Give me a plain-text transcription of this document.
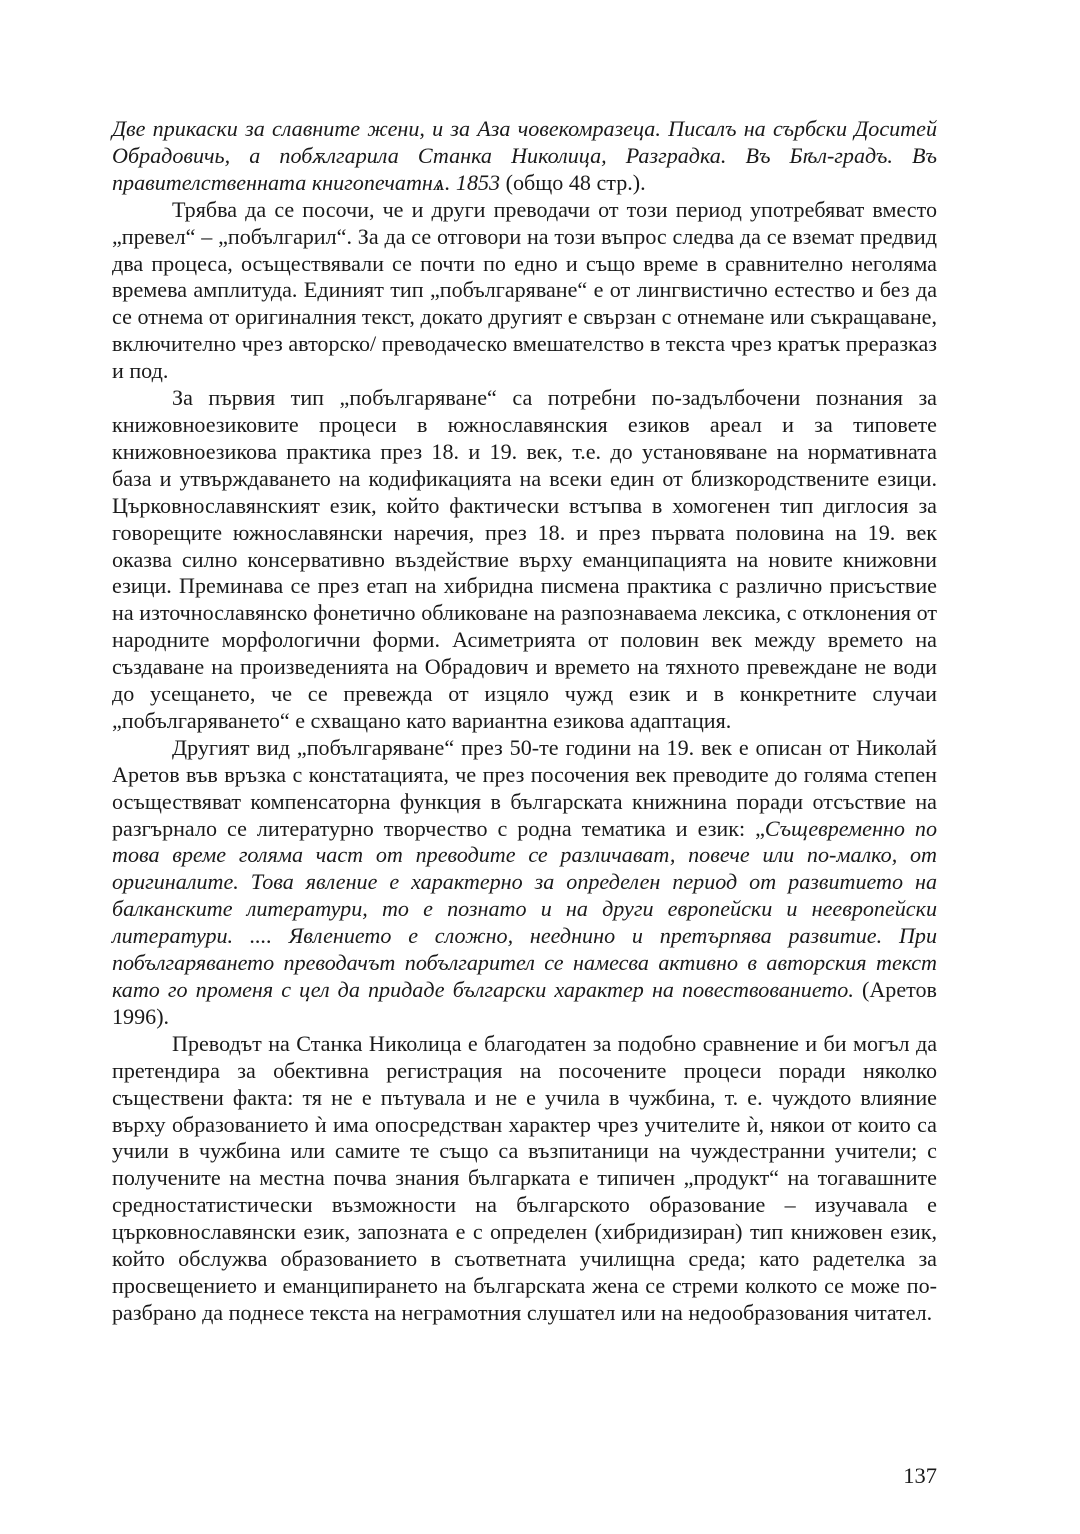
Две прикаски за славните жени, и за Аза човекомразеца. Писалъ на сърбски Доситей Обрадовичь, а побѫлгарила Станка Николица, Разградка. Въ Бѣл-градъ. Въ правителственната книгопечатнѧ. 1853 (общо 48 стр.).

Трябва да се посочи, че и други преводачи от този период употребяват вместо „превел“ – „побългарил“. За да се отговори на този въпрос следва да се вземат предвид два процеса, осъществявали се почти по едно и също време в сравнително неголяма времева амплитуда. Единият тип „побългаряване“ е от лингвистично естество и без да се отнема от оригиналния текст, докато другият е свързан с отнемане или съкращаване, включително чрез авторско/ преводаческо вмешателство в текста чрез кратък преразказ и под.

За първия тип „побългаряване“ са потребни по-задълбочени познания за книжовноезиковите процеси в южнославянския езиков ареал и за типовете книжовноезикова практика през 18. и 19. век, т.е. до установяване на нормативната база и утвърждаването на кодификацията на всеки един от близкородствените езици. Църковнославянският език, който фактически встъпва в хомогенен тип диглосия за говорещите южнославянски наречия, през 18. и през първата половина на 19. век оказва силно консервативно въздействие върху еманципацията на новите книжовни езици. Преминава се през етап на хибридна писмена практика с различно присъствие на източнославянско фонетично обликоване на разпознаваема лексика, с отклонения от народните морфологични форми. Асиметрията от половин век между времето на създаване на произведенията на Обрадович и времето на тяхното превеждане не води до усещането, че се превежда от изцяло чужд език и в конкретните случаи „побългаряването“ е схващано като вариантна езикова адаптация.

Другият вид „побългаряване“ през 50-те години на 19. век е описан от Николай Аретов във връзка с констатацията, че през посочения век преводите до голяма степен осъществяват компенсаторна функция в българската книжнина поради отсъствие на разгърнало се литературно творчество с родна тематика и език: „Същевременно по това време голяма част от преводите се различават, повече или по-малко, от оригиналите. Това явление е характерно за определен период от развитието на балканските литератури, то е познато и на други европейски и неевропейски литератури. .... Явлението е сложно, нееднино и претърпява развитие. При побългаряването преводачът побългарител се намесва активно в авторския текст като го променя с цел да придаде български характер на повествованието. (Аретов 1996).

Преводът на Станка Николица е благодатен за подобно сравнение и би могъл да претендира за обективна регистрация на посочените процеси поради няколко съществени факта: тя не е пътувала и не е учила в чужбина, т. е. чуждото влияние върху образованието ѝ има опосредстван характер чрез учителите ѝ, някои от които са учили в чужбина или самите те също са възпитаници на чуждестранни учители; с получените на местна почва знания българката е типичен „продукт“ на тогавашните средностатистически възможности на българското образование – изучавала е църковнославянски език, запозната е с определен (хибридизиран) тип книжовен език, който обслужва образованието в съответната училищна среда; като радетелка за просвещението и еманципирането на българската жена се стреми колкото се може по-разбрано да поднесе текста на неграмотния слушател или на недообразования читател.

137
